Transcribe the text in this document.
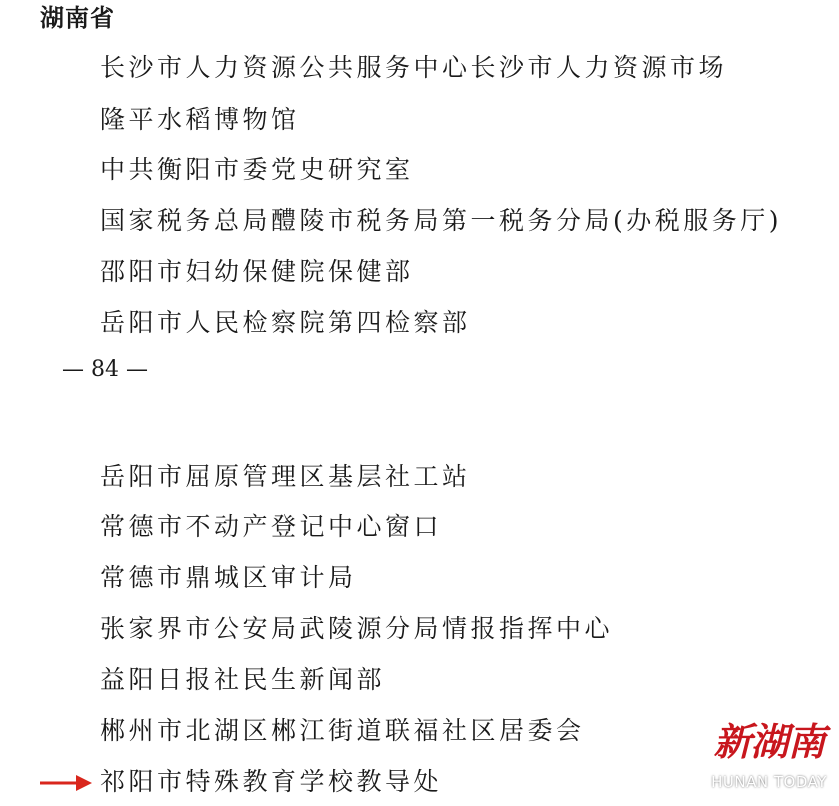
湖南省
长沙市人力资源公共服务中心长沙市人力资源市场
隆平水稻博物馆
中共衡阳市委党史研究室
国家税务总局醴陵市税务局第一税务分局(办税服务厅)
邵阳市妇幼保健院保健部
岳阳市人民检察院第四检察部
— 84 —
岳阳市屈原管理区基层社工站
常德市不动产登记中心窗口
常德市鼎城区审计局
张家界市公安局武陵源分局情报指挥中心
益阳日报社民生新闻部
郴州市北湖区郴江街道联福社区居委会
祁阳市特殊教育学校教导处
新湖南
HUNAN TODAY
